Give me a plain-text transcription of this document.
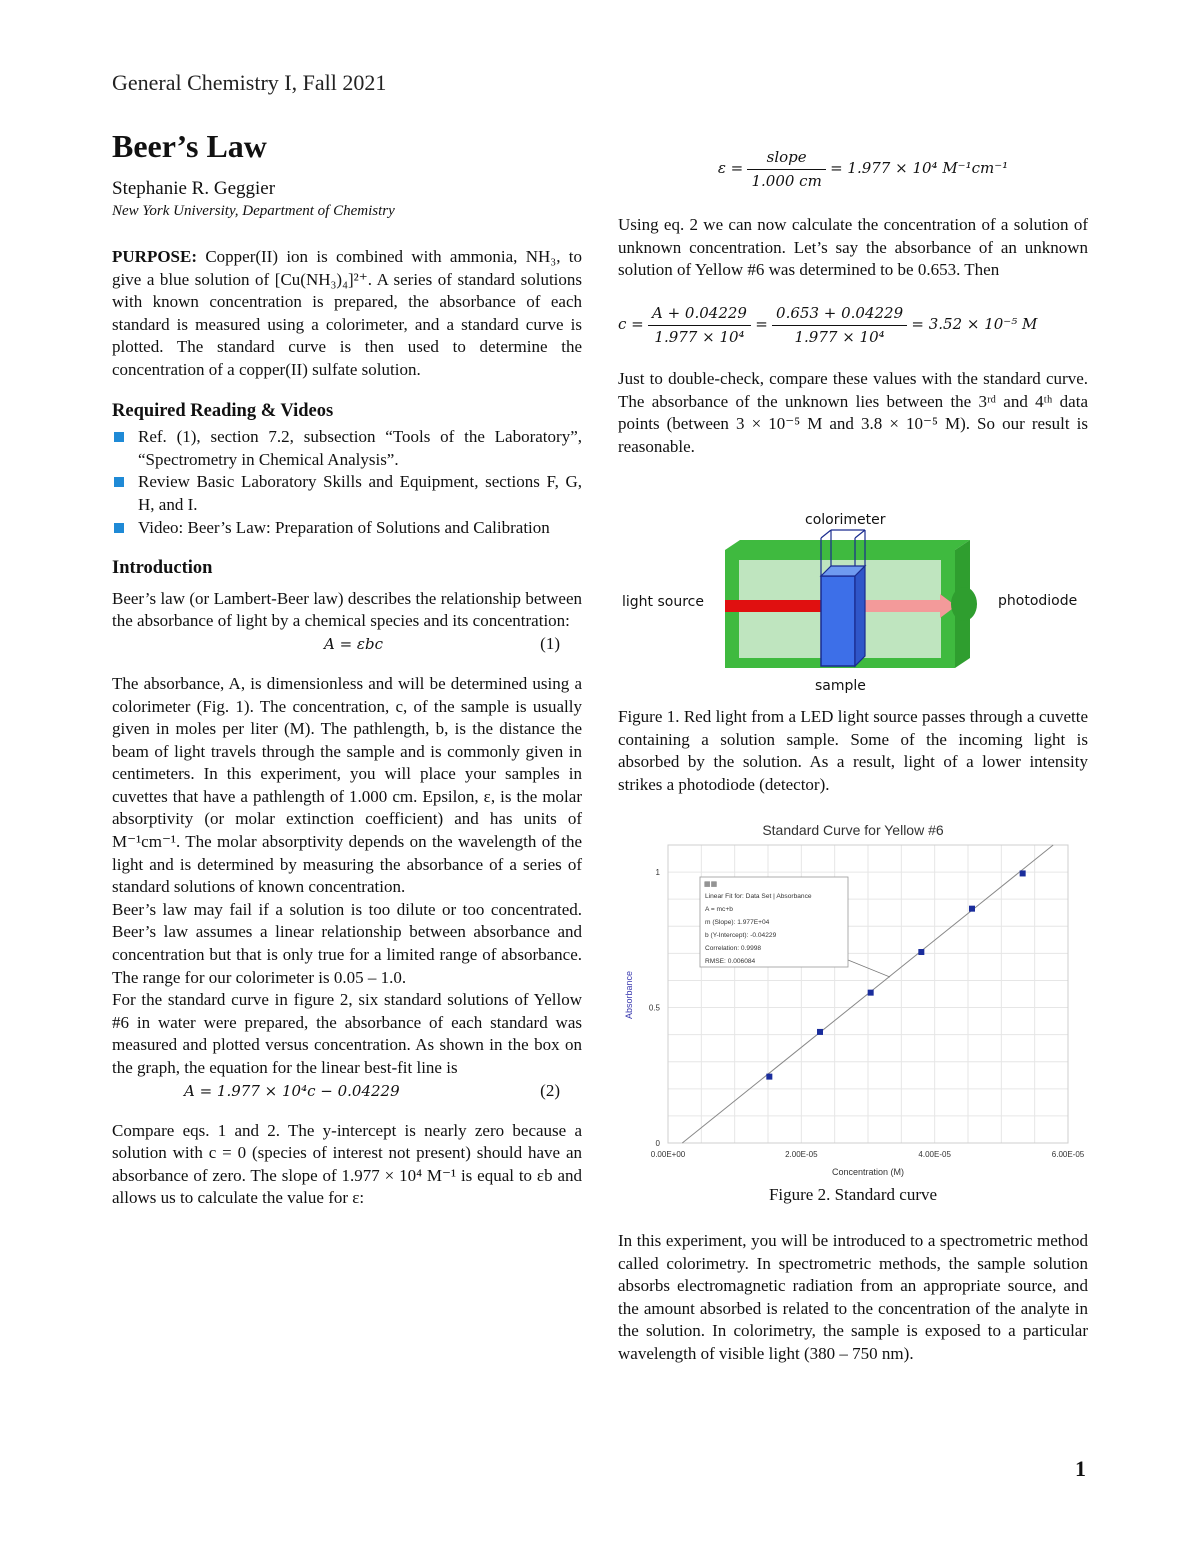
General Chemistry I, Fall 2021
Beer’s Law
Stephanie R. Geggier
New York University, Department of Chemistry
PURPOSE: Copper(II) ion is combined with ammonia, NH₃, to give a blue solution of [Cu(NH₃)₄]²⁺. A series of standard solutions with known concentration is prepared, the absorbance of each standard is measured using a colorimeter, and a standard curve is plotted. The standard curve is then used to determine the concentration of a copper(II) sulfate solution.
Required Reading & Videos
Ref. (1), section 7.2, subsection “Tools of the Laboratory”, “Spectrometry in Chemical Analysis”.
Review Basic Laboratory Skills and Equipment, sections F, G, H, and I.
Video: Beer’s Law: Preparation of Solutions and Calibration
Introduction
Beer’s law (or Lambert-Beer law) describes the relationship between the absorbance of light by a chemical species and its concentration:
A = εbc	(1)
The absorbance, A, is dimensionless and will be determined using a colorimeter (Fig. 1). The concentration, c, of the sample is usually given in moles per liter (M). The pathlength, b, is the distance the beam of light travels through the sample and is commonly given in centimeters. In this experiment, you will place your samples in cuvettes that have a pathlength of 1.000 cm. Epsilon, ε, is the molar absorptivity (or molar extinction coefficient) and has units of M⁻¹cm⁻¹. The molar absorptivity depends on the wavelength of the light and is determined by measuring the absorbance of a series of standard solutions of known concentration.
Beer’s law may fail if a solution is too dilute or too concentrated. Beer’s law assumes a linear relationship between absorbance and concentration but that is only true for a limited range of absorbance. The range for our colorimeter is 0.05 – 1.0.
For the standard curve in figure 2, six standard solutions of Yellow #6 in water were prepared, the absorbance of each standard was measured and plotted versus concentration. As shown in the box on the graph, the equation for the linear best-fit line is
A = 1.977 × 10⁴c − 0.04229	(2)
Compare eqs. 1 and 2. The y-intercept is nearly zero because a solution with c = 0 (species of interest not present) should have an absorbance of zero. The slope of 1.977 × 10⁴ M⁻¹ is equal to εb and allows us to calculate the value for ε:
$\varepsilon = \frac{\text{slope}}{1.000 cm} = 1.977 \times 10^4$ M⁻¹cm⁻¹
Using eq. 2 we can now calculate the concentration of a solution of unknown concentration. Let’s say the absorbance of an unknown solution of Yellow #6 was determined to be 0.653. Then
$c = \frac{A + 0.04229}{\text{1.977 × 10⁴}} = \frac{0.653 + 0.04229}{\text{1.977 × 10⁴}} = 3.52 \times 10^{-5}$ M
Just to double-check, compare these values with the standard curve. The absorbance of the unknown lies between the 3ʳᵈ and 4ᵗʰ data points (between 3 × 10⁻⁵ M and 3.8 × 10⁻⁵ M). So our result is reasonable.
colorimeter
light source	photodiode
sample
Figure 1. Red light from a LED light source passes through a cuvette containing a solution sample. Some of the incoming light is absorbed by the solution. As a result, light of a lower intensity strikes a photodiode (detector).
Standard Curve for Yellow #6
0.00E+00	2.00E-05	4.00E-05	6.00E-05
0
0.5
1
Concentration (M)
Absorbance
▦▦
Linear Fit for: Data Set | Absorbance
A = mc+b
m (Slope): 1.977E+04
b (Y-Intercept): -0.04229
Correlation: 0.9998
RMSE: 0.006084
Figure 2. Standard curve
In this experiment, you will be introduced to a spectrometric method called colorimetry. In spectrometric methods, the sample solution absorbs electromagnetic radiation from an appropriate source, and the amount absorbed is related to the concentration of the analyte in the solution. In colorimetry, the sample is exposed to a particular wavelength of visible light (380 – 750 nm).
1
